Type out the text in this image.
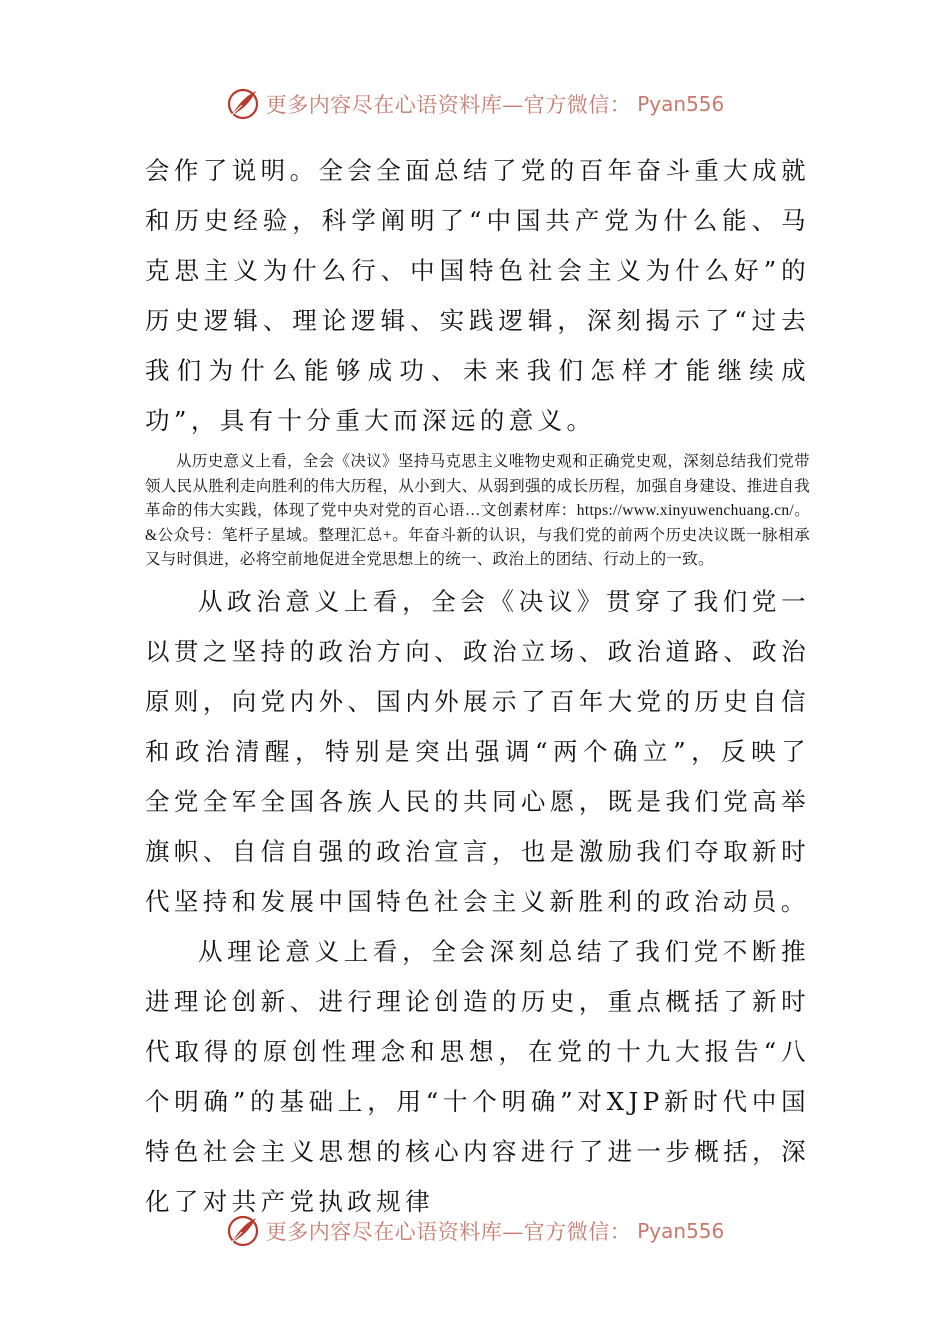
更多内容尽在心语资料库—官方微信： Pyan556

会作了说明。全会全面总结了党的百年奋斗重大成就和历史经验，科学阐明了“中国共产党为什么能、马克思主义为什么行、中国特色社会主义为什么好”的历史逻辑、理论逻辑、实践逻辑，深刻揭示了“过去我们为什么能够成功、未来我们怎样才能继续成功”，具有十分重大而深远的意义。

从历史意义上看，全会《决议》坚持马克思主义唯物史观和正确党史观，深刻总结我们党带领人民从胜利走向胜利的伟大历程，从小到大、从弱到强的成长历程，加强自身建设、推进自我革命的伟大实践，体现了党中央对党的百心语…文创素材库：https://www.xinyuwenchuang.cn/。&公众号：笔杆子星域。整理汇总+。年奋斗新的认识，与我们党的前两个历史决议既一脉相承又与时俱进，必将空前地促进全党思想上的统一、政治上的团结、行动上的一致。

从政治意义上看，全会《决议》贯穿了我们党一以贯之坚持的政治方向、政治立场、政治道路、政治原则，向党内外、国内外展示了百年大党的历史自信和政治清醒，特别是突出强调“两个确立”，反映了全党全军全国各族人民的共同心愿，既是我们党高举旗帜、自信自强的政治宣言，也是激励我们夺取新时代坚持和发展中国特色社会主义新胜利的政治动员。

从理论意义上看，全会深刻总结了我们党不断推进理论创新、进行理论创造的历史，重点概括了新时代取得的原创性理念和思想，在党的十九大报告“八个明确”的基础上，用“十个明确”对XJP新时代中国特色社会主义思想的核心内容进行了进一步概括，深化了对共产党执政规律

更多内容尽在心语资料库—官方微信： Pyan556
